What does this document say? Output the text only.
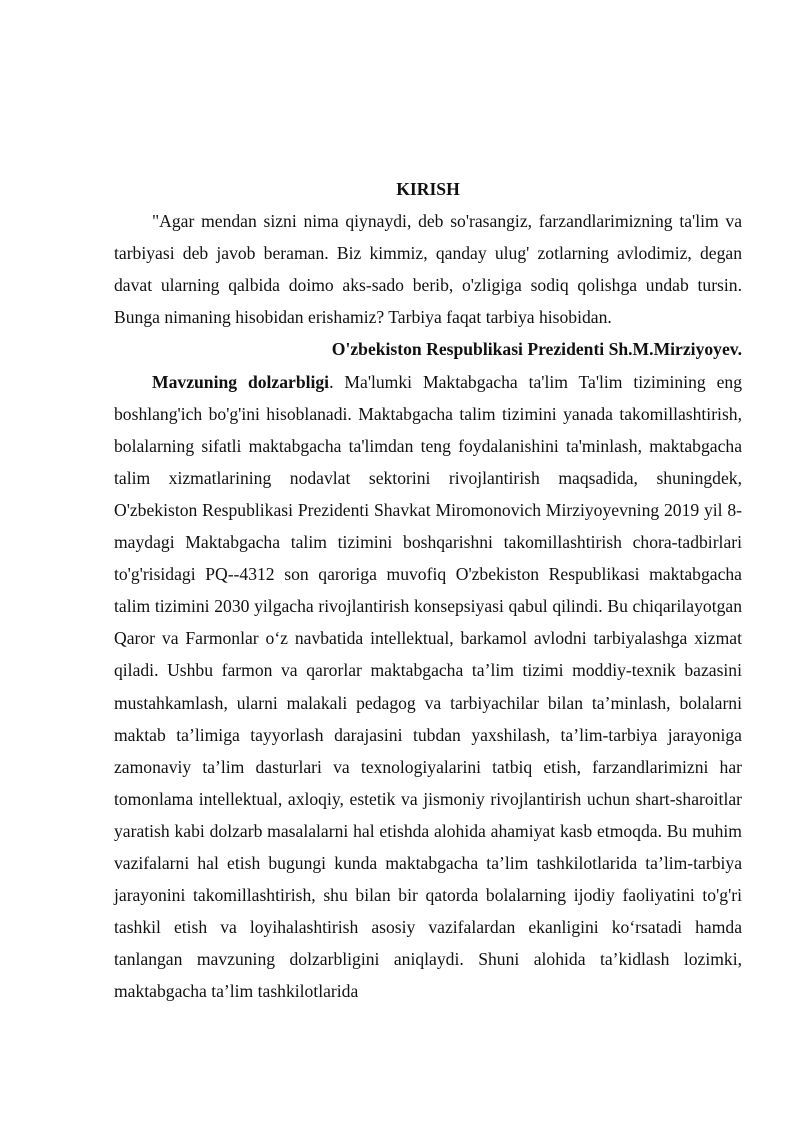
KIRISH

"Agar mendan sizni nima qiynaydi, deb so'rasangiz, farzandlarimizning ta'lim va tarbiyasi deb javob beraman. Biz kimmiz, qanday ulug' zotlarning avlodimiz, degan davat ularning qalbida doimo aks-sado berib, o'zligiga sodiq qolishga undab tursin. Bunga nimaning hisobidan erishamiz? Tarbiya faqat tarbiya hisobidan.

O'zbekiston Respublikasi Prezidenti Sh.M.Mirziyoyev.

Mavzuning dolzarbligi. Ma'lumki Maktabgacha ta'lim Ta'lim tizimining eng boshlang'ich bo'g'ini hisoblanadi. Maktabgacha talim tizimini yanada takomillashtirish, bolalarning sifatli maktabgacha ta'limdan teng foydalanishini ta'minlash, maktabgacha talim xizmatlarining nodavlat sektorini rivojlantirish maqsadida, shuningdek, O'zbekiston Respublikasi Prezidenti Shavkat Miromonovich Mirziyoyevning 2019 yil 8-maydagi Maktabgacha talim tizimini boshqarishni takomillashtirish chora-tadbirlari to'g'risidagi PQ--4312 son qaroriga muvofiq O'zbekiston Respublikasi maktabgacha talim tizimini 2030 yilgacha rivojlantirish konsepsiyasi qabul qilindi. Bu chiqarilayotgan Qaror va Farmonlar o‘z navbatida intellektual, barkamol avlodni tarbiyalashga xizmat qiladi. Ushbu farmon va qarorlar maktabgacha ta’lim tizimi moddiy-texnik bazasini mustahkamlash, ularni malakali pedagog va tarbiyachilar bilan ta’minlash, bolalarni maktab ta’limiga tayyorlash darajasini tubdan yaxshilash, ta’lim-tarbiya jarayoniga zamonaviy ta’lim dasturlari va texnologiyalarini tatbiq etish, farzandlarimizni har tomonlama intellektual, axloqiy, estetik va jismoniy rivojlantirish uchun shart-sharoitlar yaratish kabi dolzarb masalalarni hal etishda alohida ahamiyat kasb etmoqda. Bu muhim vazifalarni hal etish bugungi kunda maktabgacha ta’lim tashkilotlarida ta’lim-tarbiya jarayonini takomillashtirish, shu bilan bir qatorda bolalarning ijodiy faoliyatini to'g'ri tashkil etish va loyihalashtirish asosiy vazifalardan ekanligini ko‘rsatadi hamda tanlangan mavzuning dolzarbligini aniqlaydi. Shuni alohida ta’kidlash lozimki, maktabgacha ta’lim tashkilotlarida
